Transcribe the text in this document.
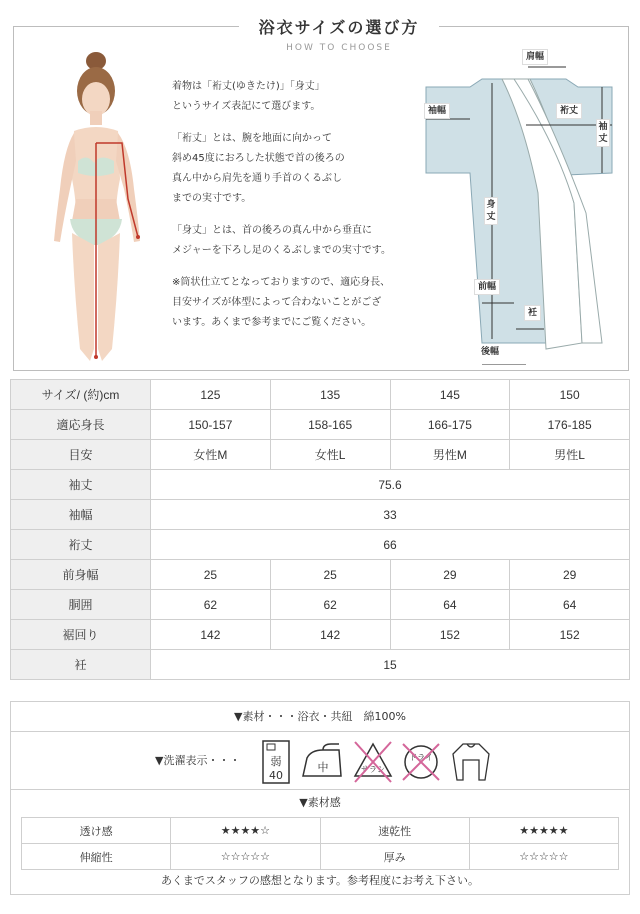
浴衣サイズの選び方
HOW TO CHOOSE

着物は「裄丈(ゆきたけ)」「身丈」
というサイズ表記にて選びます。

「裄丈」とは、腕を地面に向かって
斜め45度におろした状態で首の後ろの
真ん中から肩先を通り手首のくるぶし
までの実寸です。

「身丈」とは、首の後ろの真ん中から垂直に
メジャーを下ろし足のくるぶしまでの実寸です。

※筒状仕立てとなっておりますので、適応身長、
目安サイズが体型によって合わないことがござ
います。あくまで参考までにご覧ください。

肩幅
袖幅	裄丈
袖丈
身丈
前幅
衽
後幅
サイズ/ (約)cm	125	135	145	150
適応身長	150-157	158-165	166-175	176-185
目安	女性M	女性L	男性M	男性L
袖丈	75.6			
袖幅	33			
裄丈	66			
前身幅	25	25	29	29
胴囲	62	62	64	64
裾回り	142	142	152	152
衽	15			
▼素材・・・浴衣・共紐　綿100%
▼洗濯表示・・・	弱
40
中	サラシ
ドライ
▼素材感
透け感	★★★★☆	速乾性	★★★★★
伸縮性	☆☆☆☆☆	厚み	☆☆☆☆☆
あくまでスタッフの感想となります。参考程度にお考え下さい。
